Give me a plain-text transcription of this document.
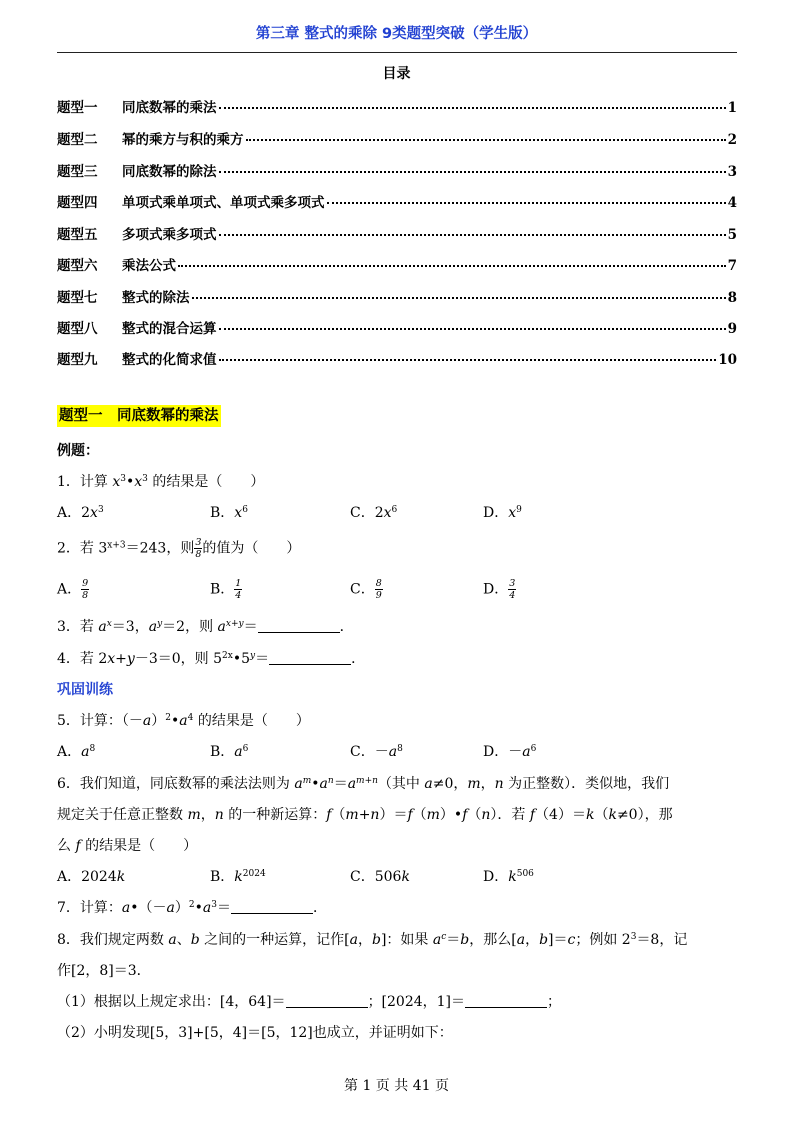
第三章 整式的乘除 9类题型突破（学生版）
目录
题型一	同底数幂的乘法	1
题型二	幂的乘方与积的乘方	2
题型三	同底数幂的除法	3
题型四	单项式乘单项式、单项式乘多项式	4
题型五	多项式乘多项式	5
题型六	乘法公式	7
题型七	整式的除法	8
题型八	整式的混合运算	9
题型九	整式的化简求值	10
题型一　同底数幂的乘法
例题：
1．计算 $x^3•x^3$ 的结果是（　　）
A．$2x^3$	B．$x^6$	C．$2x^6$	D．$x^9$
2．若 $3^{x+3}=243$，则 $\frac{3}{8}$ 的值为（　　）
A． $\frac{9}{8}$	B． $\frac{1}{4}$	C． $\frac{8}{9}$	D． $\frac{3}{4}$
3．若 $a^x=3$，$a^y=2$，则 $a^{x+y}=$	．
4．若 2x+y－3＝0，则 $5^{2x}•5^y=$	．
巩固训练
5．计算：$(-a)^2•a^4$ 的结果是（　　）
A．$a^8$	B．$a^6$	C．$-a^8$	D．$-a^6$
6．我们知道，同底数幂的乘法法则为 $a^m•a^n=a^{m+n}$（其中 a≠0，m，n 为正整数）．类似地，我们
规定关于任意正整数 m，n 的一种新运算：f（m+n）＝f（m）•f（n）．若 f（4）＝k（k≠0），那
么 f 的结果是（　　）
A．2024k	B．$k^{2024}$	C．506k	D．$k^{506}$
7．计算：$a•(-a)^2•a^3=$	．
8．我们规定两数 a、b 之间的一种运算，记作[a，b]：如果 $a^c=b$，那么[a，b]＝c；例如 $2^3=8$，记
作[2，8]＝3．
（1）根据以上规定求出：[4，64]＝	；[2024，1]＝	；
（2）小明发现[5，3]+[5，4]＝[5，12]也成立，并证明如下：
第 1 页 共 41 页
